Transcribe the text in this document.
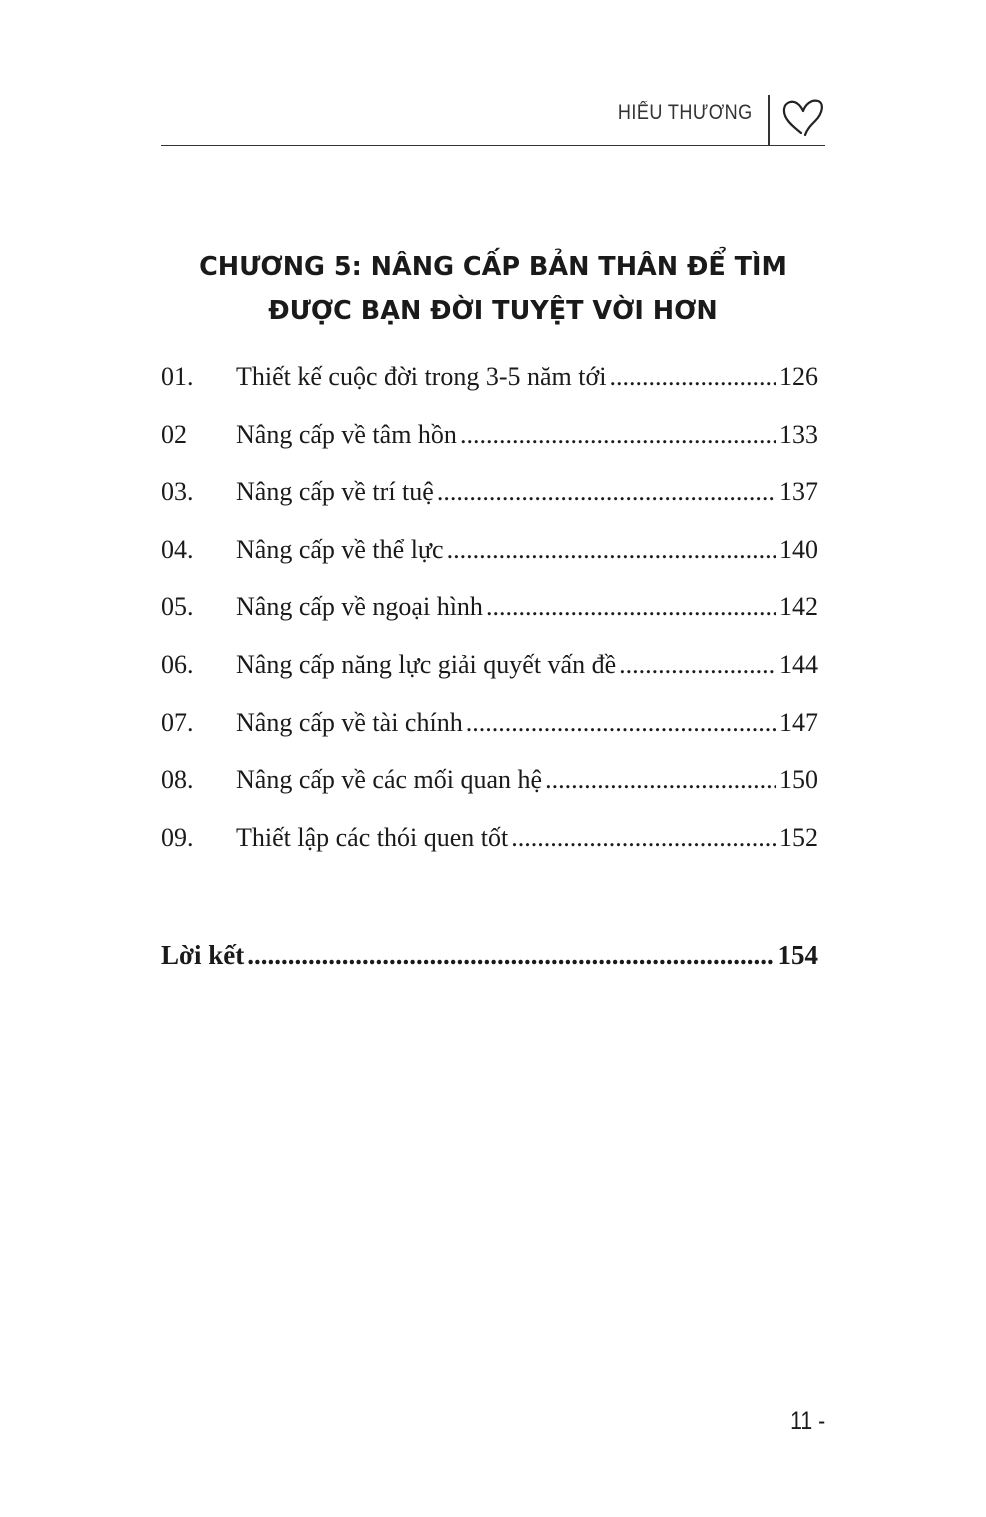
HIỂU THƯƠNG
CHƯƠNG 5: NÂNG CẤP BẢN THÂN ĐỂ TÌM
ĐƯỢC BẠN ĐỜI TUYỆT VỜI HƠN
01.	Thiết kế cuộc đời trong 3-5 năm tới .....	126
02	Nâng cấp về tâm hồn .....	133
03.	Nâng cấp về trí tuệ .....	137
04.	Nâng cấp về thể lực .....	140
05.	Nâng cấp về ngoại hình .....	142
06.	Nâng cấp năng lực giải quyết vấn đề .....	144
07.	Nâng cấp về tài chính .....	147
08.	Nâng cấp về các mối quan hệ .....	150
09.	Thiết lập các thói quen tốt .....	152
Lời kết .....	154
11 -
